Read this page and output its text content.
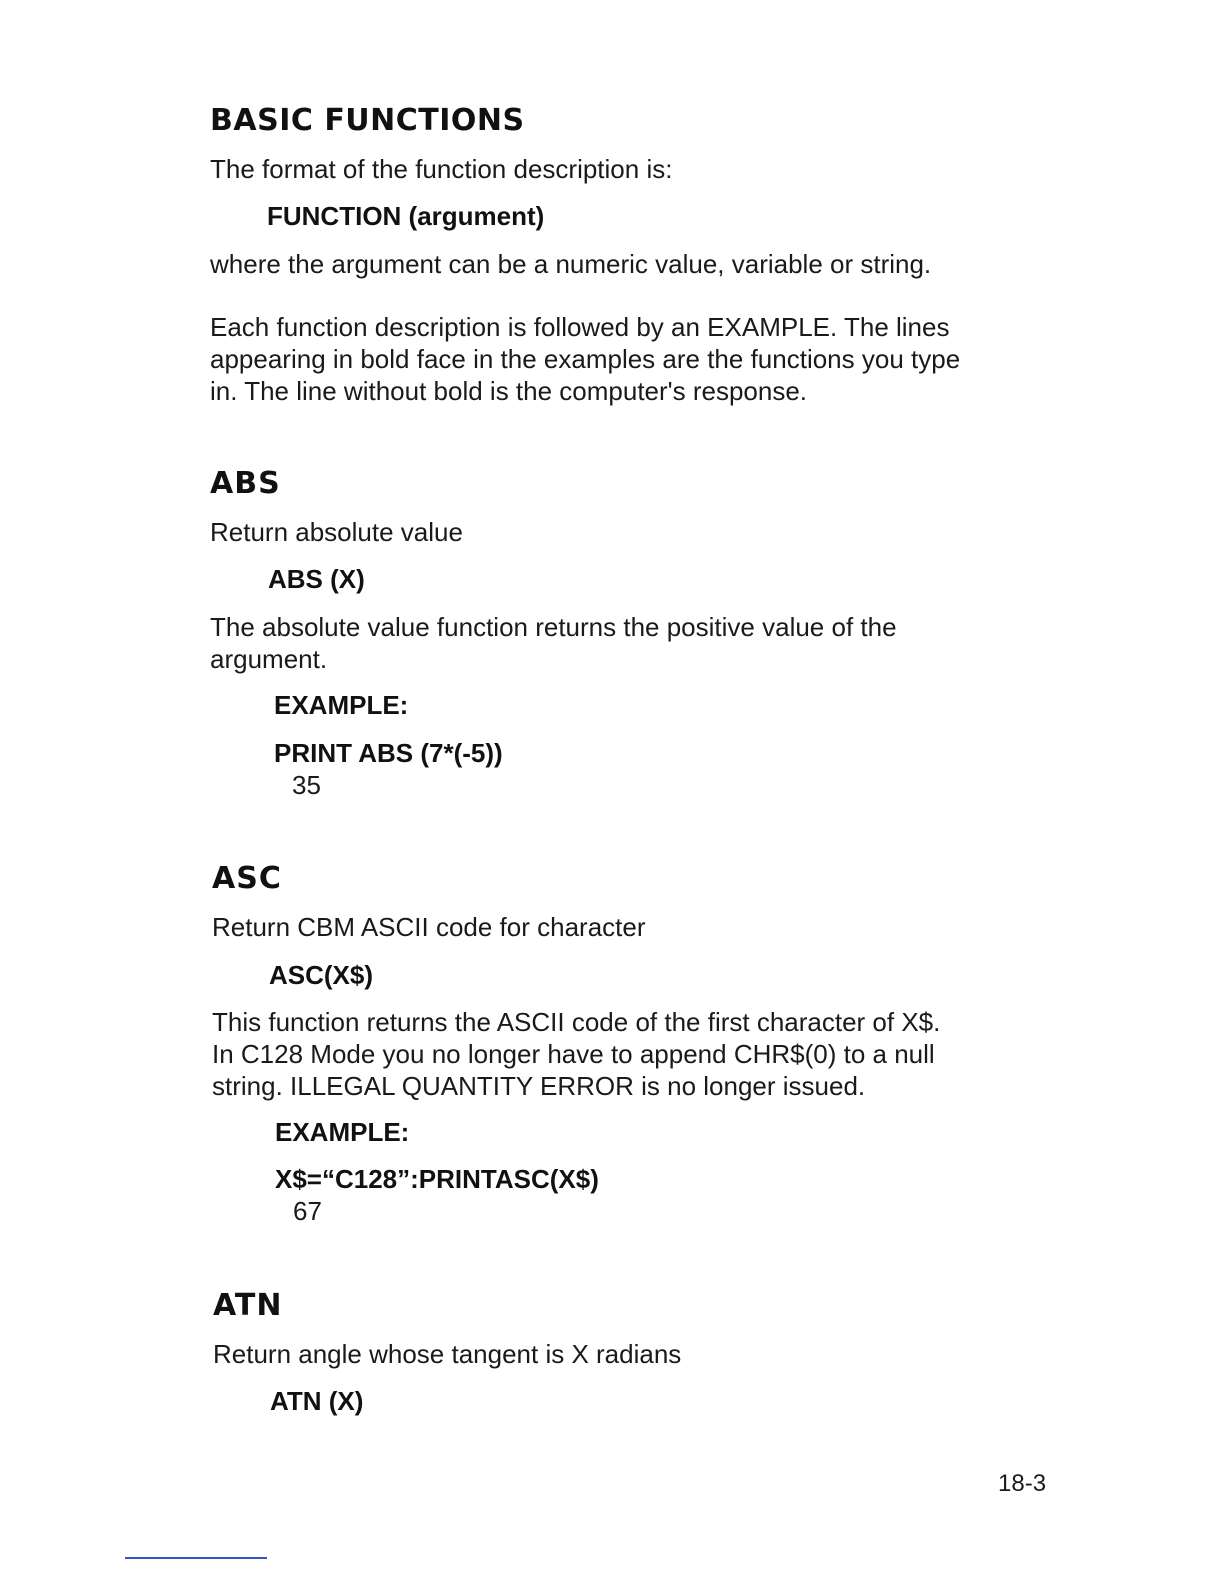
BASIC FUNCTIONS
The format of the function description is:
FUNCTION (argument)
where the argument can be a numeric value, variable or string.
Each function description is followed by an EXAMPLE. The lines
appearing in bold face in the examples are the functions you type
in. The line without bold is the computer's response.
ABS
Return absolute value
ABS (X)
The absolute value function returns the positive value of the
argument.
EXAMPLE:
PRINT ABS (7*(-5))
35
ASC
Return CBM ASCII code for character
ASC(X$)
This function returns the ASCII code of the first character of X$.
In C128 Mode you no longer have to append CHR$(0) to a null
string. ILLEGAL QUANTITY ERROR is no longer issued.
EXAMPLE:
X$=“C128”:PRINTASC(X$)
67
ATN
Return angle whose tangent is X radians
ATN (X)
18-3
